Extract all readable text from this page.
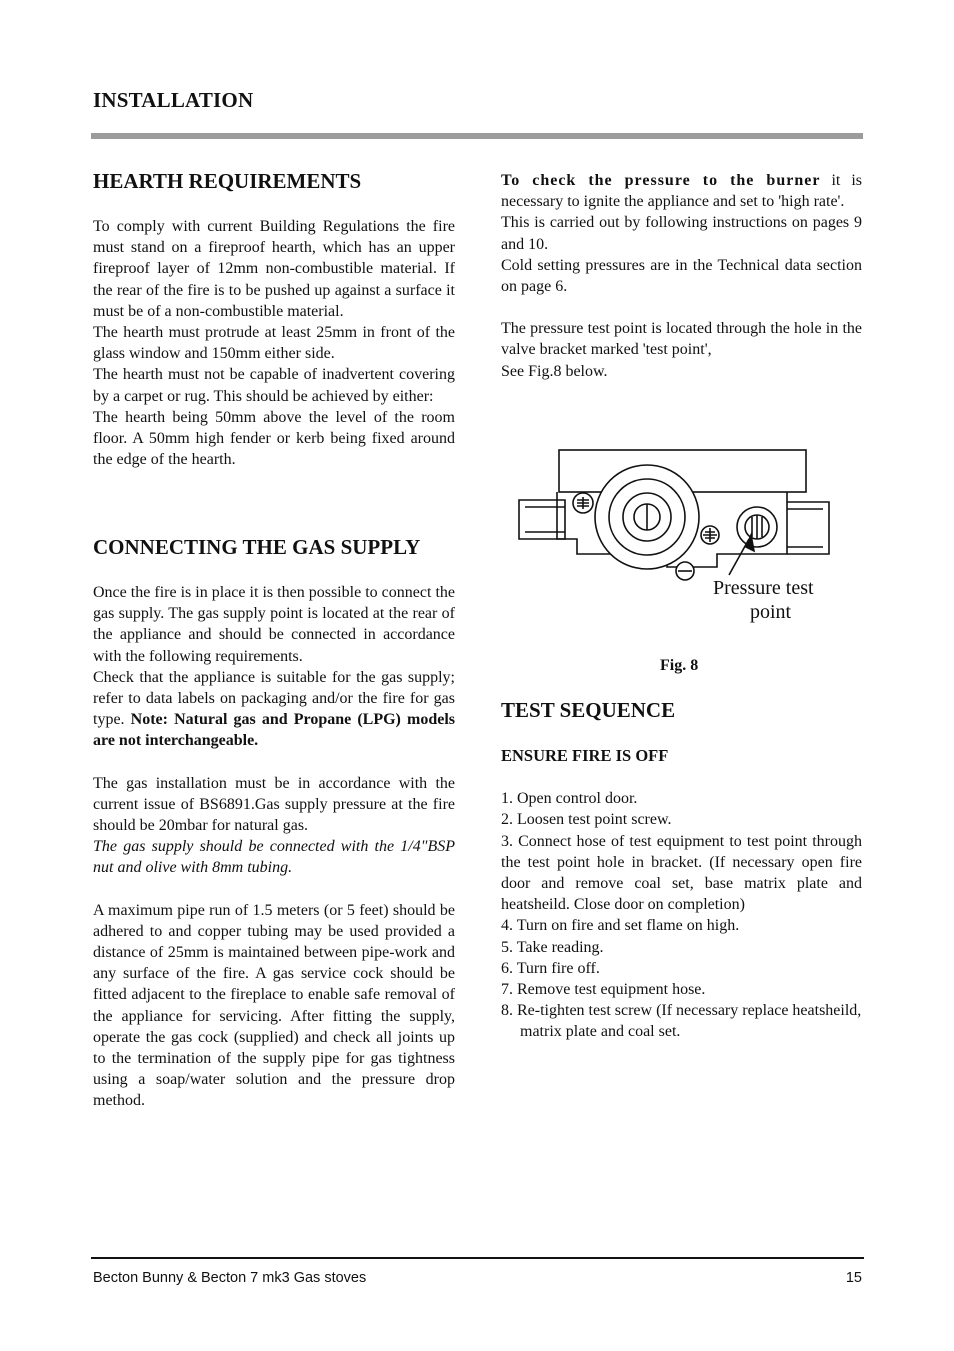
INSTALLATION
HEARTH REQUIREMENTS

To comply with current Building Regulations the fire must stand on a fireproof hearth, which has an upper fireproof layer of 12mm non-combustible material. If the rear of the fire is to be pushed up against a surface it must be of a non-combustible material.

The hearth must protrude at least 25mm in front of the glass window and 150mm either side.

The hearth must not be capable of inadvertent covering by a carpet or rug. This should be achieved by either:

The hearth being 50mm above the level of the room floor. A 50mm high fender or kerb being fixed around the edge of the hearth.

CONNECTING THE GAS SUPPLY

Once the fire is in place it is then possible to connect the gas supply. The gas supply point is located at the rear of the appliance and should be connected in accordance with the following requirements.

Check that the appliance is suitable for the gas supply; refer to data labels on packaging and/or the fire for gas type. Note: Natural gas and Propane (LPG) models are not interchangeable.

The gas installation must be in accordance with the current issue of BS6891.Gas supply pressure at the fire should be 20mbar for natural gas.

The gas supply should be connected with the 1/4"BSP nut and olive with 8mm tubing.

A maximum pipe run of 1.5 meters (or 5 feet) should be adhered to and copper tubing may be used provided a distance of 25mm is maintained between pipe-work and any surface of the fire. A gas service cock should be fitted adjacent to the fireplace to enable safe removal of the appliance for servicing. After fitting the supply, operate the gas cock (supplied) and check all joints up to the termination of the supply pipe for gas tightness using a soap/water solution and the pressure drop method.

To check the pressure to the burner it is necessary to ignite the appliance and set to 'high rate'.

This is carried out by following instructions on pages 9 and 10.

Cold setting pressures are in the Technical data section on page 6.

The pressure test point is located through the hole in the valve bracket marked 'test point',

See Fig.8 below.

Pressure test
point
Fig. 8
TEST SEQUENCE
ENSURE FIRE IS OFF
1. Open control door.
2. Loosen test point screw.
3. Connect hose of test equipment to test point through the test point hole in bracket. (If necessary open fire door and remove coal set, base matrix plate and heatsheild. Close door on completion)
4. Turn on fire and set flame on high.
5. Take reading.
6. Turn fire off.
7. Remove test equipment hose.
8. Re-tighten test screw (If necessary replace heatsheild, matrix plate and coal set.
Becton Bunny & Becton 7 mk3 Gas stoves	15
